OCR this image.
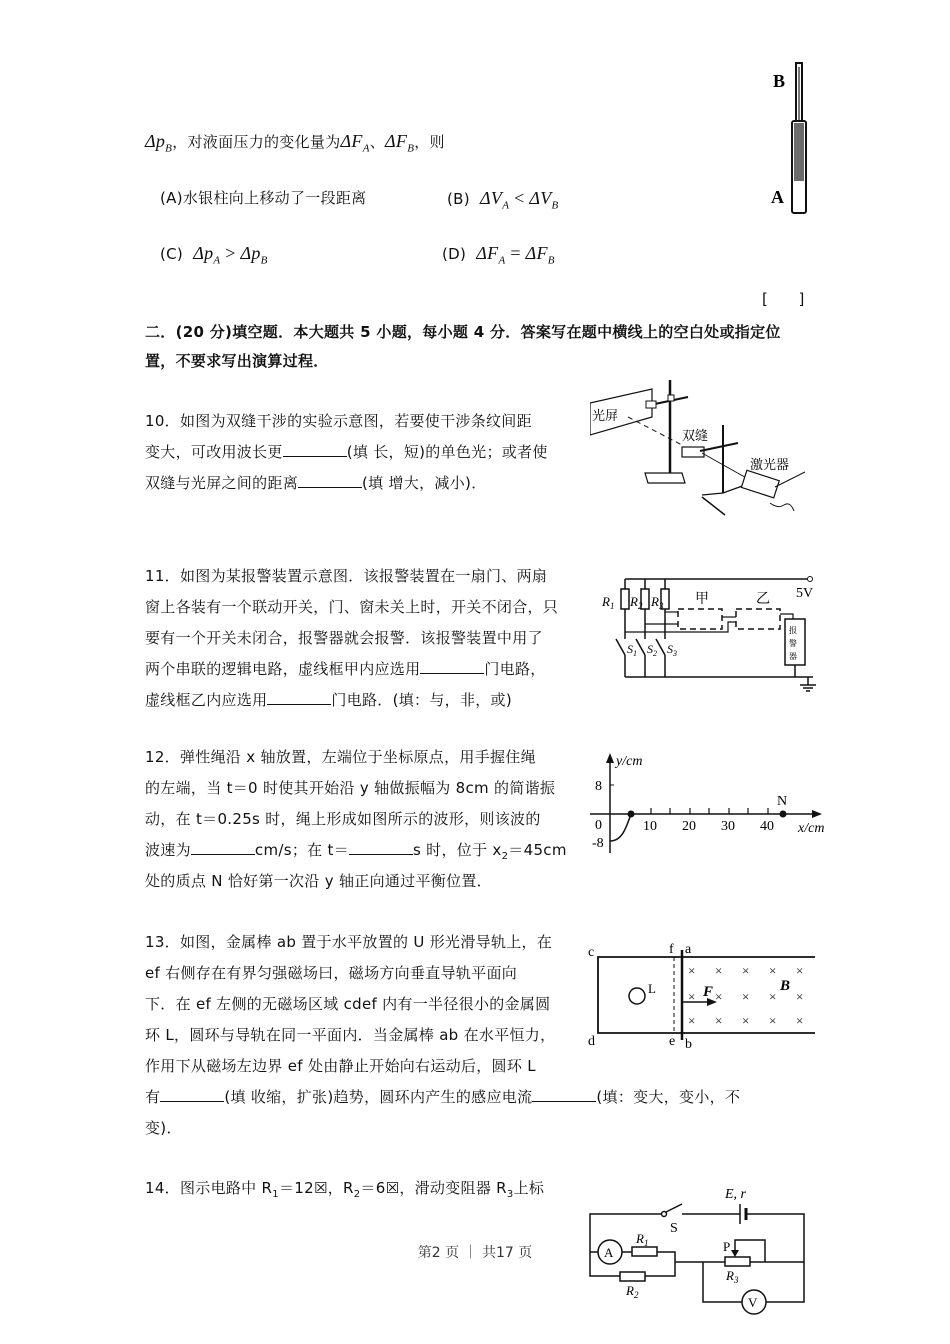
$\Delta p_B$，对液面压力的变化量为$\Delta F_A$、$\Delta F_B$，则
(A)水银柱向上移动了一段距离	(B) $\Delta V_A < \Delta V_B$
(C) $\Delta p_A > \Delta p_B$	(D) $\Delta F_A = \Delta F_B$
[      ]
B
A
二．(20 分)填空题．本大题共 5 小题，每小题 4 分．答案写在题中横线上的空白处或指定位
置，不要求写出演算过程．
10．如图为双缝干涉的实验示意图，若要使干涉条纹间距
变大，可改用波长更	(填 长，短)的单色光；或者使
双缝与光屏之间的距离	(填 增大，减小)．
光屏
双缝
激光器
11．如图为某报警装置示意图．该报警装置在一扇门、两扇
窗上各装有一个联动开关，门、窗未关上时，开关不闭合，只
要有一个开关未闭合，报警器就会报警．该报警装置中用了
两个串联的逻辑电路，虚线框甲内应选用	门电路，
虚线框乙内应选用	门电路．(填：与，非，或)
5V
$R_1$ $R_2$ $R_3$ 甲	乙
报
警
器
$S_1$ $S_2$ $S_3$
12．弹性绳沿 x 轴放置，左端位于坐标原点，用手握住绳
的左端，当 t＝0 时使其开始沿 y 轴做振幅为 8cm 的简谐振
动，在 t＝0.25s 时，绳上形成如图所示的波形，则该波的
波速为	cm/s；在 t＝	s 时，位于 $x_2=45cm$
处的质点 N 恰好第一次沿 y 轴正向通过平衡位置．
y/cm
x/cm
8
0
-8
10 20 30 40
N
13．如图，金属棒 ab 置于水平放置的 U 形光滑导轨上，在
ef 右侧存在有界匀强磁场曰，磁场方向垂直导轨平面向
下．在 ef 左侧的无磁场区域 cdef 内有一半径很小的金属圆
环 L，圆环与导轨在同一平面内．当金属棒 ab 在水平恒力，
作用下从磁场左边界 ef 处由静止开始向右运动后，圆环 L
有	(填 收缩，扩张)趋势，圆环内产生的感应电流	(填：变大，变小，不
变)．
c
d
f a
e b
L	F	B
× × × × ×
× × × × ×
× × × × ×
14．图示电路中 $R_1=12☒$，$R_2=6☒$，滑动变阻器 $R_3$上标	E, r
S
A
V
$R_1$
$R_2$
$R_3$
P
第2 页 ｜ 共17 页
